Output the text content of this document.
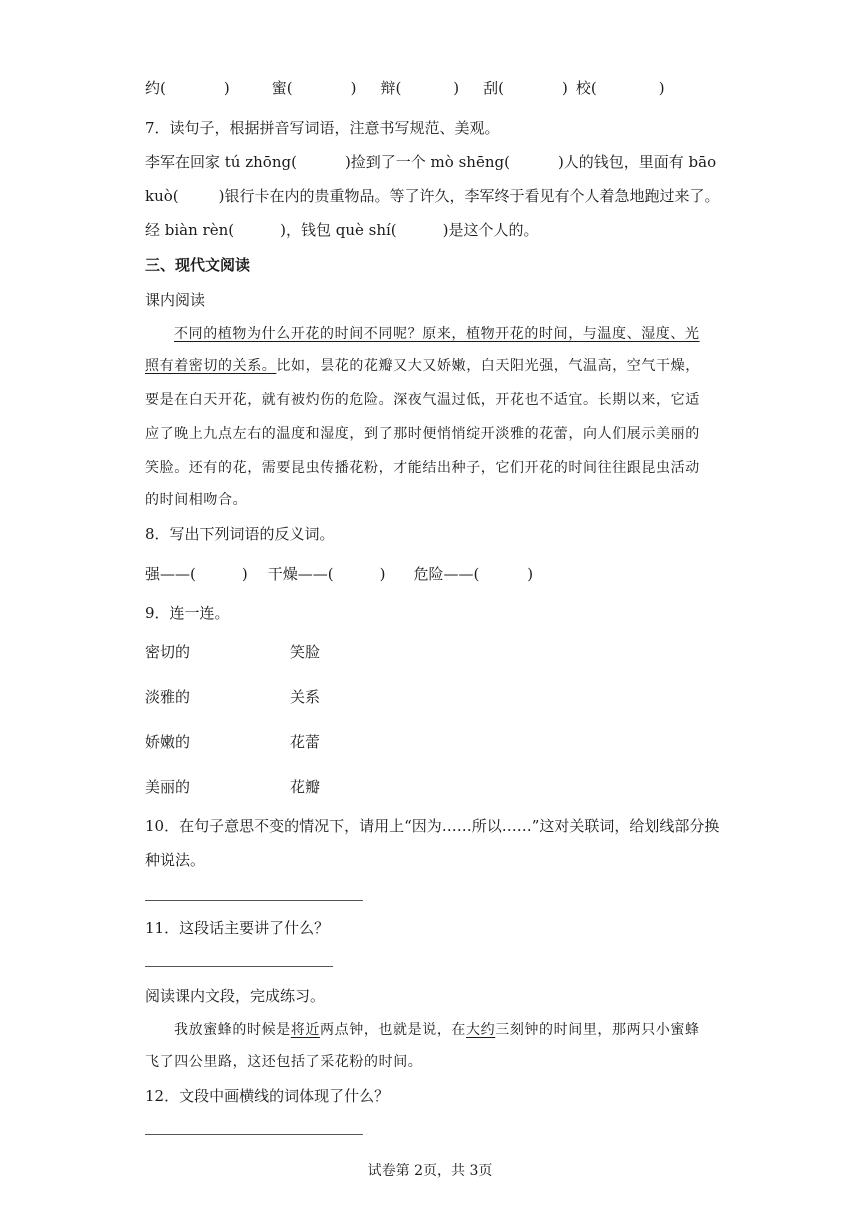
约(	)	蜜(	) 辩(	) 刮(	) 校(	)
7．读句子，根据拼音写词语，注意书写规范、美观。
李军在回家 tú zhōng(	)捡到了一个 mò shēng(	)人的钱包，里面有 bāo
kuò(	)银行卡在内的贵重物品。等了许久，李军终于看见有个人着急地跑过来了。
经 biàn rèn(	)，钱包 què shí(	)是这个人的。
三、现代文阅读
课内阅读
不同的植物为什么开花的时间不同呢？原来，植物开花的时间，与温度、湿度、光
照有着密切的关系。比如，昙花的花瓣又大又娇嫩，白天阳光强，气温高，空气干燥，
要是在白天开花，就有被灼伤的危险。深夜气温过低，开花也不适宜。长期以来，它适
应了晚上九点左右的温度和湿度，到了那时便悄悄绽开淡雅的花蕾，向人们展示美丽的
笑脸。还有的花，需要昆虫传播花粉，才能结出种子，它们开花的时间往往跟昆虫活动
的时间相吻合。
8．写出下列词语的反义词。
强——(	) 干燥——(	) 危险——(	)
9．连一连。
密切的	笑脸
淡雅的	关系
娇嫩的	花蕾
美丽的	花瓣
10．在句子意思不变的情况下，请用上“因为……所以……”这对关联词，给划线部分换
种说法。
11．这段话主要讲了什么？
阅读课内文段，完成练习。
我放蜜蜂的时候是将近两点钟，也就是说，在大约三刻钟的时间里，那两只小蜜蜂
飞了四公里路，这还包括了采花粉的时间。
12．文段中画横线的词体现了什么？
试卷第 2页，共 3页
